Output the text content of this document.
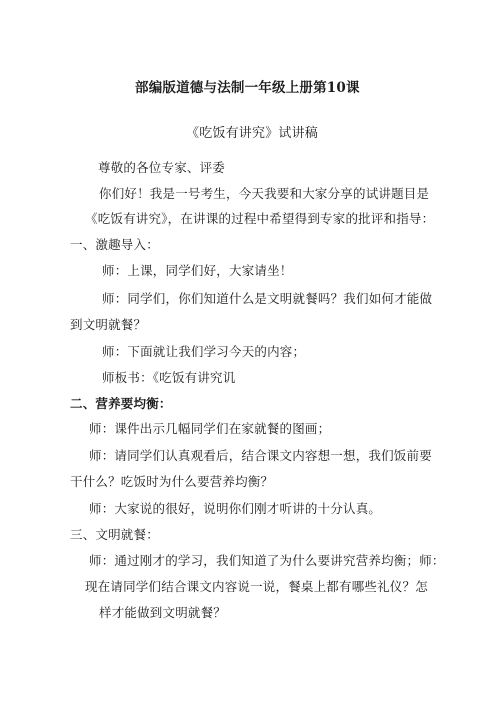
部编版道德与法制一年级上册第10课
《吃饭有讲究》试讲稿
尊敬的各位专家、评委
你们好！我是一号考生，今天我要和大家分享的试讲题目是
《吃饭有讲究》，在讲课的过程中希望得到专家的批评和指导：
一、激趣导入：
师：上课，同学们好，大家请坐！
师：同学们，你们知道什么是文明就餐吗？我们如何才能做
到文明就餐？
师：下面就让我们学习今天的内容；
师板书：《吃饭有讲究讥
二、营养要均衡：
师：课件出示几幅同学们在家就餐的图画；
师：请同学们认真观看后，结合课文内容想一想，我们饭前要
干什么？吃饭时为什么要营养均衡？
师：大家说的很好，说明你们刚才听讲的十分认真。
三、文明就餐：
师：通过刚才的学习，我们知道了为什么要讲究营养均衡；师：
现在请同学们结合课文内容说一说，餐桌上都有哪些礼仪？怎
样才能做到文明就餐？
